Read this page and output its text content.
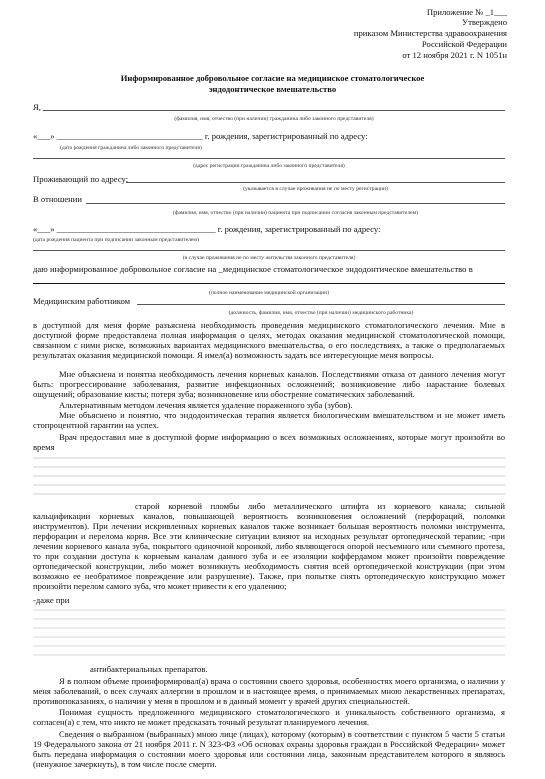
Приложение № _1___
Утверждено
приказом Министерства здравоохранения
Российской Федерации
от 12 ноября 2021 г. N 1051н
Информированное добровольное согласие на медицинское стоматологическое
эндодонтическое вмешательство
Я,
(фамилия, имя, отчество (при наличии) гражданина либо законного представителя)
«___» __________________________________ г. рождения, зарегистрированный по адресу:
(дата рождения гражданина либо законного представителя)
(адрес регистрации гражданина либо законного представителя)
Проживающий по адресу:
(указывается в случае проживания не по месту регистрации)
В отношении
(фамилия, имя, отчество (при наличии) пациента при подписании согласия законным представителем)
«___» _____________________________________ г. рождения, зарегистрированный по адресу:
(дата рождения пациента при подписании законным представителем)
(в случае проживания не по месту жительства законного представителя)
даю информированное добровольное согласие на _медицинское стоматологическое эндодонтическое вмешательство в
(полное наименование медицинской организации)
Медицинским работником
(должность, фамилия, имя, отчество (при наличии) медицинского работника)
в доступной для меня форме разъяснена необходимость проведения медицинского стоматологического лечения. Мне в доступной форме предоставлена полная информация о целях, методах оказания медицинской стоматологической помощи, связанном с ними риске, возможных вариантах медицинского вмешательства, о его последствиях, а также о предполагаемых результатах оказания медицинской помощи. Я имел(а) возможность задать все интересующие меня вопросы.
Мне объяснена и понятна необходимость лечения корневых каналов. Последствиями отказа от данного лечения могут быть: прогрессирование заболевания, развитие инфекционных осложнений; возникновение либо нарастание болевых ощущений; образование кисты; потеря зуба; возникновение или обострение соматических заболеваний.
Альтернативным методом лечения является удаление пораженного зуба (зубов).
Мне объяснено и понятно, что эндодонтическая терапия является биологическим вмешательством и не может иметь стопроцентной гарантии на успех.
Врач предоставил мне в доступной форме информацию о всех возможных осложнениях, которые могут произойти во время
старой корневой пломбы либо металлического штифта из корневого канала; сильной кальцификации корневых каналов, повышающей вероятность возникновения осложнений (перфораций, поломки инструментов). При лечении искривленных корневых каналов также возникает большая вероятность поломки инструмента, перфорации и перелома корня. Все эти клинические ситуации влияют на исходных результат ортопедической терапии; -при лечении корневого канала зуба, покрытого одиночной коронкой, либо являющегося опорой несъемного или съемного протеза, то при создании доступа к корневым каналам данного зуба и ее изоляции коффердамом может произойти повреждение ортопедической конструкции, либо может возникнуть необходимость снятия всей ортопедической конструкции (при этом возможно ее необратимое повреждение или разрушение). Также, при попытке снять ортопедическую конструкцию может произойти перелом самого зуба, что может привести к его удалению;
-даже при
антибактериальных препаратов.
Я в полном объеме проинформировал(а) врача о состоянии своего здоровья, особенностях моего организма, о наличии у меня заболеваний, о всех случаях аллергии в прошлом и в настоящее время, о принимаемых мною лекарственных препаратах, противопоказаниях, о наличии у меня в прошлом и в данный момент у врачей других специальностей.
Понимая сущность предложенного медицинского стоматологического и уникальность собственного организма, я согласен(а) с тем, что никто не может предсказать точный результат планируемого лечения.
Сведения о выбранном (выбранных) мною лице (лицах), которому (которым) в соответствии с пунктом 5 части 5 статьи 19 Федерального закона от 21 ноября 2011 г. N 323-ФЗ «Об основах охраны здоровья граждан в Российской Федерации» может быть передана информация о состоянии моего здоровья или состоянии лица, законным представителем которого я являюсь (ненужное зачеркнуть), в том числе после смерти.
